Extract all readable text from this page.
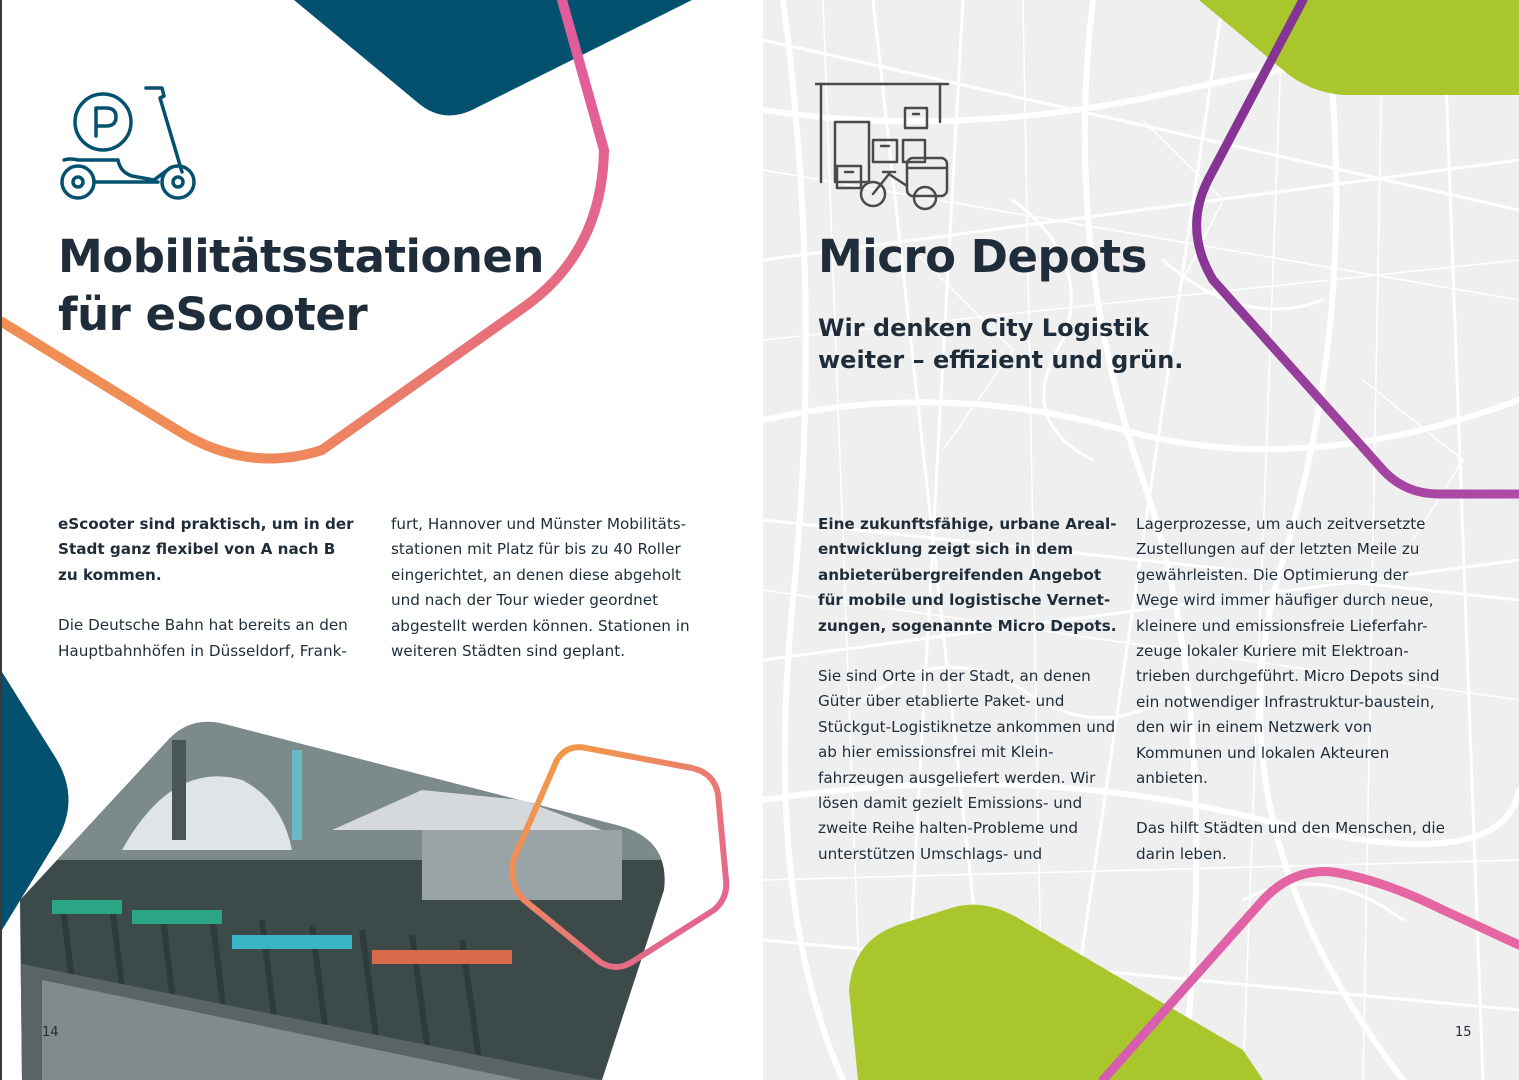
Mobilitätsstationen
für eScooter

eScooter sind praktisch, um in der Stadt ganz flexibel von A nach B zu kommen.

Die Deutsche Bahn hat bereits an den Hauptbahnhöfen in Düsseldorf, Frank-

furt, Hannover und Münster Mobilitäts-stationen mit Platz für bis zu 40 Roller eingerichtet, an denen diese abgeholt und nach der Tour wieder geordnet abgestellt werden können. Stationen in weiteren Städten sind geplant.

14
Micro Depots
Wir denken City Logistik
weiter – effizient und grün.

Eine zukunftsfähige, urbane Areal-entwicklung zeigt sich in dem anbieterübergreifenden Angebot für mobile und logistische Vernet-zungen, sogenannte Micro Depots.

Sie sind Orte in der Stadt, an denen Güter über etablierte Paket- und Stückgut-Logistiknetze ankommen und ab hier emissionsfrei mit Klein-fahrzeugen ausgeliefert werden. Wir lösen damit gezielt Emissions- und zweite Reihe halten-Probleme und unterstützen Umschlags- und

Lagerprozesse, um auch zeitversetzte Zustellungen auf der letzten Meile zu gewährleisten. Die Optimierung der Wege wird immer häufiger durch neue, kleinere und emissionsfreie Lieferfahr-zeuge lokaler Kuriere mit Elektroan-trieben durchgeführt. Micro Depots sind ein notwendiger Infrastruktur-baustein, den wir in einem Netzwerk von Kommunen und lokalen Akteuren anbieten.

Das hilft Städten und den Menschen, die darin leben.

15
